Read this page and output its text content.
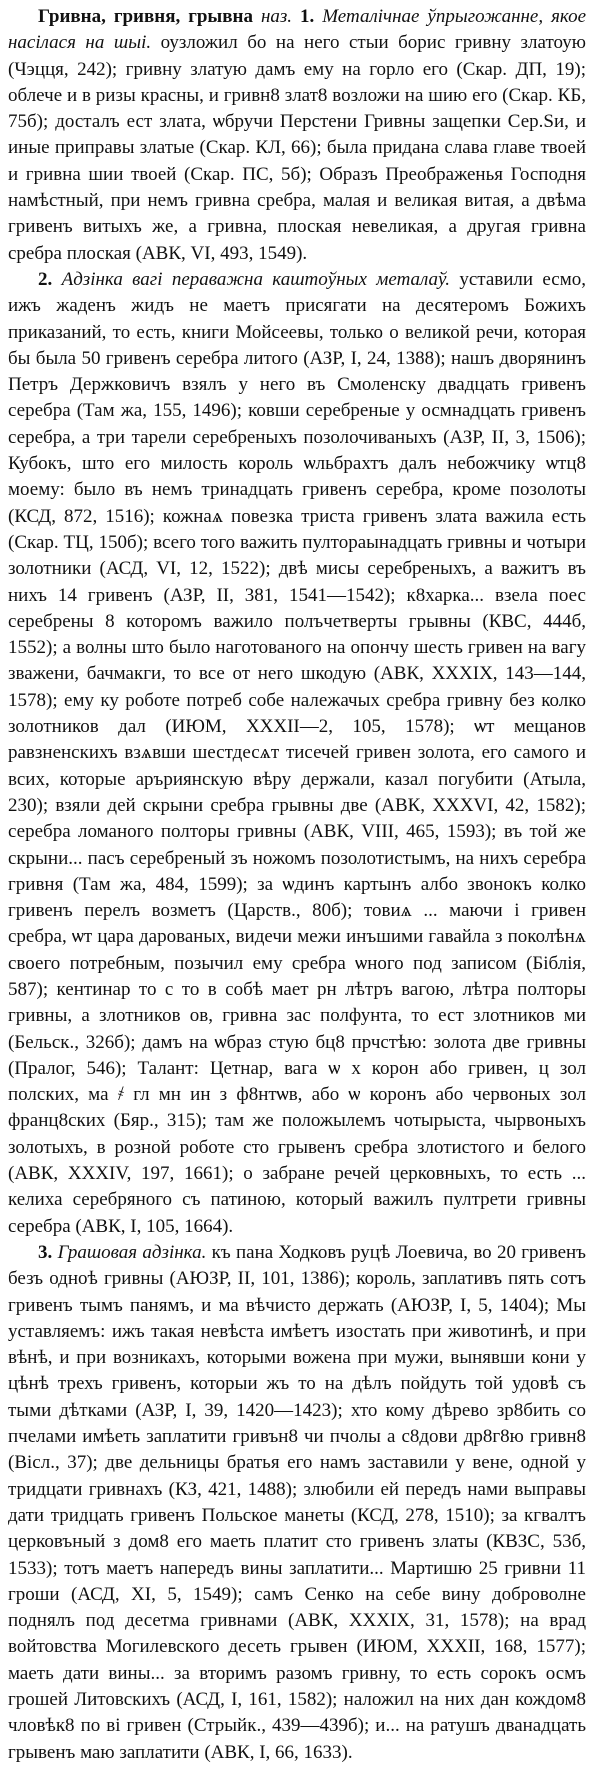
Гривна, гривня, грывна наз. 1. Металічнае ўпрыгожанне, якое насілася на шыі. оузложил бо на него стыи борис гривну златоую (Чэцця, 242); гривну златую дамъ ему на горло его (Скар. ДП, 19); облече и в ризы красны, и гривн8 злат8 возложи на шию его (Скар. КБ, 75б); досталъ ест злата, ѡбручи Перстени Гривны защепки Сер.Ѕи, и иные приправы златые (Скар. КЛ, 66); была придана слава главе твоей и гривна шии твоей (Скар. ПС, 5б); Образъ Преображенья Господня намѣстный, при немъ гривна сребра, малая и великая витая, а двѣма гривенъ витыхъ же, а гривна, плоская невеликая, а другая гривна сребра плоская (АВК, VI, 493, 1549).

2. Адзінка вагі пераважна каштоўных металаў. уставили есмо, ижъ жаденъ жидъ не маетъ присягати на десятеромъ Божихъ приказаний, то есть, книги Мойсеевы, только о великой речи, которая бы была 50 гривенъ серебра литого (АЗР, I, 24, 1388); нашъ дворянинъ Петръ Держковичъ взялъ у него въ Смоленску двадцать гривенъ серебра (Там жа, 155, 1496); ковши серебреные у осмнадцать гривенъ серебра, а три тарели серебреныхъ позолочиваныхъ (АЗР, II, 3, 1506); Кубокъ, што его милость король ѡльбрахтъ далъ небожчику ѡтц8 моему: было въ немъ тринадцать гривенъ серебра, кроме позолоты (КСД, 872, 1516); кожнаѧ повезка триста гривенъ злата важила есть (Скар. ТЦ, 150б); всего того важить пултораынадцать гривны и чотыри золотники (АСД, VI, 12, 1522); двѣ мисы серебреныхъ, а важитъ въ нихъ 14 гривенъ (АЗР, II, 381, 1541—1542); к8харка... взела поес серебрены 8 которомъ важило полъчетверты грывны (КВС, 444б, 1552); а волны што было наготованого на опончу шесть гривен на вагу зважени, бачмакги, то все от него шкодую (АВК, XXXIX, 143—144, 1578); ему ку роботе потреб собе належачых сребра гривну без колко золотников дал (ИЮМ, XXXII—2, 105, 1578); ѡт мещанов равзненскихъ взѧвши шестдесѧт тисечей гривен золота, его самого и всих, которые аръриянскую вѣру держали, казал погубити (Атыла, 230); взяли дей скрыни сребра грывны две (АВК, XXXVI, 42, 1582); серебра ломаного полторы гривны (АВК, VIII, 465, 1593); въ той же скрыни... пасъ серебреный зъ ножомъ позолотистымъ, на нихъ серебра гривня (Там жа, 484, 1599); за ѡдинъ картынъ албо звонокъ колко гривенъ перелъ возметъ (Царств., 80б); товиѧ ... маючи і гривен сребра, ѡт цара дарованых, видечи межи инъшими гавайла з поколѣнѧ своего потребным, позычил ему сребра ѡного под записом (Біблія, 587); кентинар то с то в собѣ мает рн лѣтръ вагою, лѣтра полторы гривны, а злотников ов, гривна зас полфунта, то ест злотников ми (Бельск., 326б); дамъ на ѡбраз стую бц8 прчстѣю: золота две гривны (Пралог, 546); Талант: Цетнар, вага ѡ х корон або гривен, ц зол полских, ма ҂ гл мн ин з ф8нтѡв, або ѡ коронъ або червоных зол франц8ских (Бяр., 315); там же положылемъ чотырыста, чырвоныхъ золотыхъ, в розной роботе сто грывенъ сребра злотистого и белого (АВК, XXXIV, 197, 1661); о забране речей церковныхъ, то есть ... келиха серебряного съ патиною, который важилъ пултрети гривны серебра (АВК, I, 105, 1664).

3. Грашовая адзінка. къ пана Ходковъ руцѣ Лоевича, во 20 гривенъ безъ одноѣ гривны (АЮЗР, II, 101, 1386); король, заплативъ пять сотъ гривенъ тымъ панямъ, и ма вѣчисто держать (АЮЗР, I, 5, 1404); Мы уставляемъ: ижъ такая невѣста имѣетъ изостать при животинѣ, и при вѣнѣ, и при возникахъ, которыми вожена при мужи, вынявши кони у цѣнѣ трехъ гривенъ, которыи жъ то на дѣлъ пойдуть той удовѣ съ тыми дѣтками (АЗР, I, 39, 1420—1423); хто кому дѣрево зр8бить со пчелами имѣеть заплатити гривън8 чи пчолы а с8дови др8г8ю гривн8 (Вісл., 37); две дельницы братья его намъ заставили у вене, одной у тридцати гривнахъ (КЗ, 421, 1488); злюбили ей передъ нами выправы дати тридцать гривенъ Польское манеты (КСД, 278, 1510); за кгвалтъ церковъный з дом8 его маеть платит сто гривенъ златы (КВЗС, 53б, 1533); тотъ маетъ напередъ вины заплатити... Мартишю 25 гривни 11 гроши (АСД, XI, 5, 1549); самъ Сенко на себе вину доброволне поднялъ под десетма гривнами (АВК, XXXIX, 31, 1578); на врад войтовства Могилевского десеть грывен (ИЮМ, XXXII, 168, 1577); маеть дати вины... за вторимъ разомъ гривну, то есть сорокъ осмъ грошей Литовскихъ (АСД, I, 161, 1582); наложил на них дан кождом8 чловѣк8 по ві гривен (Стрыйк., 439—439б); и... на ратушъ дванадцать грывенъ маю заплатити (АВК, I, 66, 1633).
